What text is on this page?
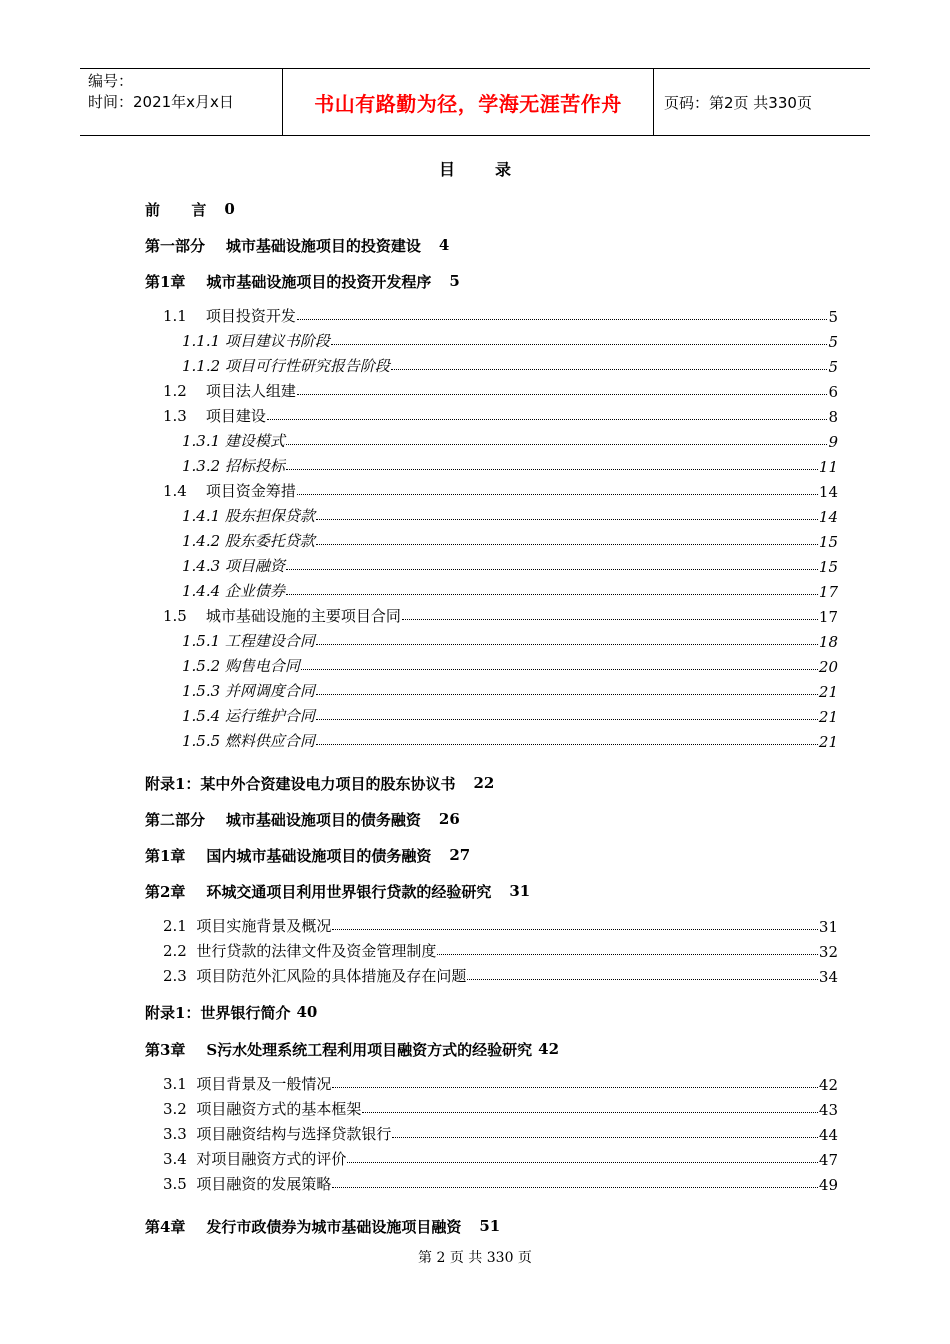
编号：
时间：2021年x月x日	书山有路勤为径，学海无涯苦作舟	页码：第2页 共330页
目录
前      言 0
第一部分    城市基础设施项目的投资建设 4
第1章    城市基础设施项目的投资开发程序 5
1.1    项目投资开发	5
1.1.1 项目建议书阶段	5
1.1.2 项目可行性研究报告阶段	5
1.2    项目法人组建	6
1.3    项目建设	8
1.3.1 建设模式	9
1.3.2 招标投标	11
1.4    项目资金筹措	14
1.4.1 股东担保贷款	14
1.4.2 股东委托贷款	15
1.4.3 项目融资	15
1.4.4 企业债券	17
1.5    城市基础设施的主要项目合同	17
1.5.1 工程建设合同	18
1.5.2 购售电合同	20
1.5.3 并网调度合同	21
1.5.4 运行维护合同	21
1.5.5 燃料供应合同	21
附录1：某中外合资建设电力项目的股东协议书 22
第二部分    城市基础设施项目的债务融资 26
第1章    国内城市基础设施项目的债务融资 27
第2章    环城交通项目利用世界银行贷款的经验研究 31
2.1  项目实施背景及概况	31
2.2  世行贷款的法律文件及资金管理制度	32
2.3  项目防范外汇风险的具体措施及存在问题	34
附录1：世界银行简介 40
第3章    S污水处理系统工程利用项目融资方式的经验研究 42
3.1  项目背景及一般情况	42
3.2  项目融资方式的基本框架	43
3.3  项目融资结构与选择贷款银行	44
3.4  对项目融资方式的评价	47
3.5  项目融资的发展策略	49
第4章    发行市政债券为城市基础设施项目融资 51
第 2 页 共 330 页
